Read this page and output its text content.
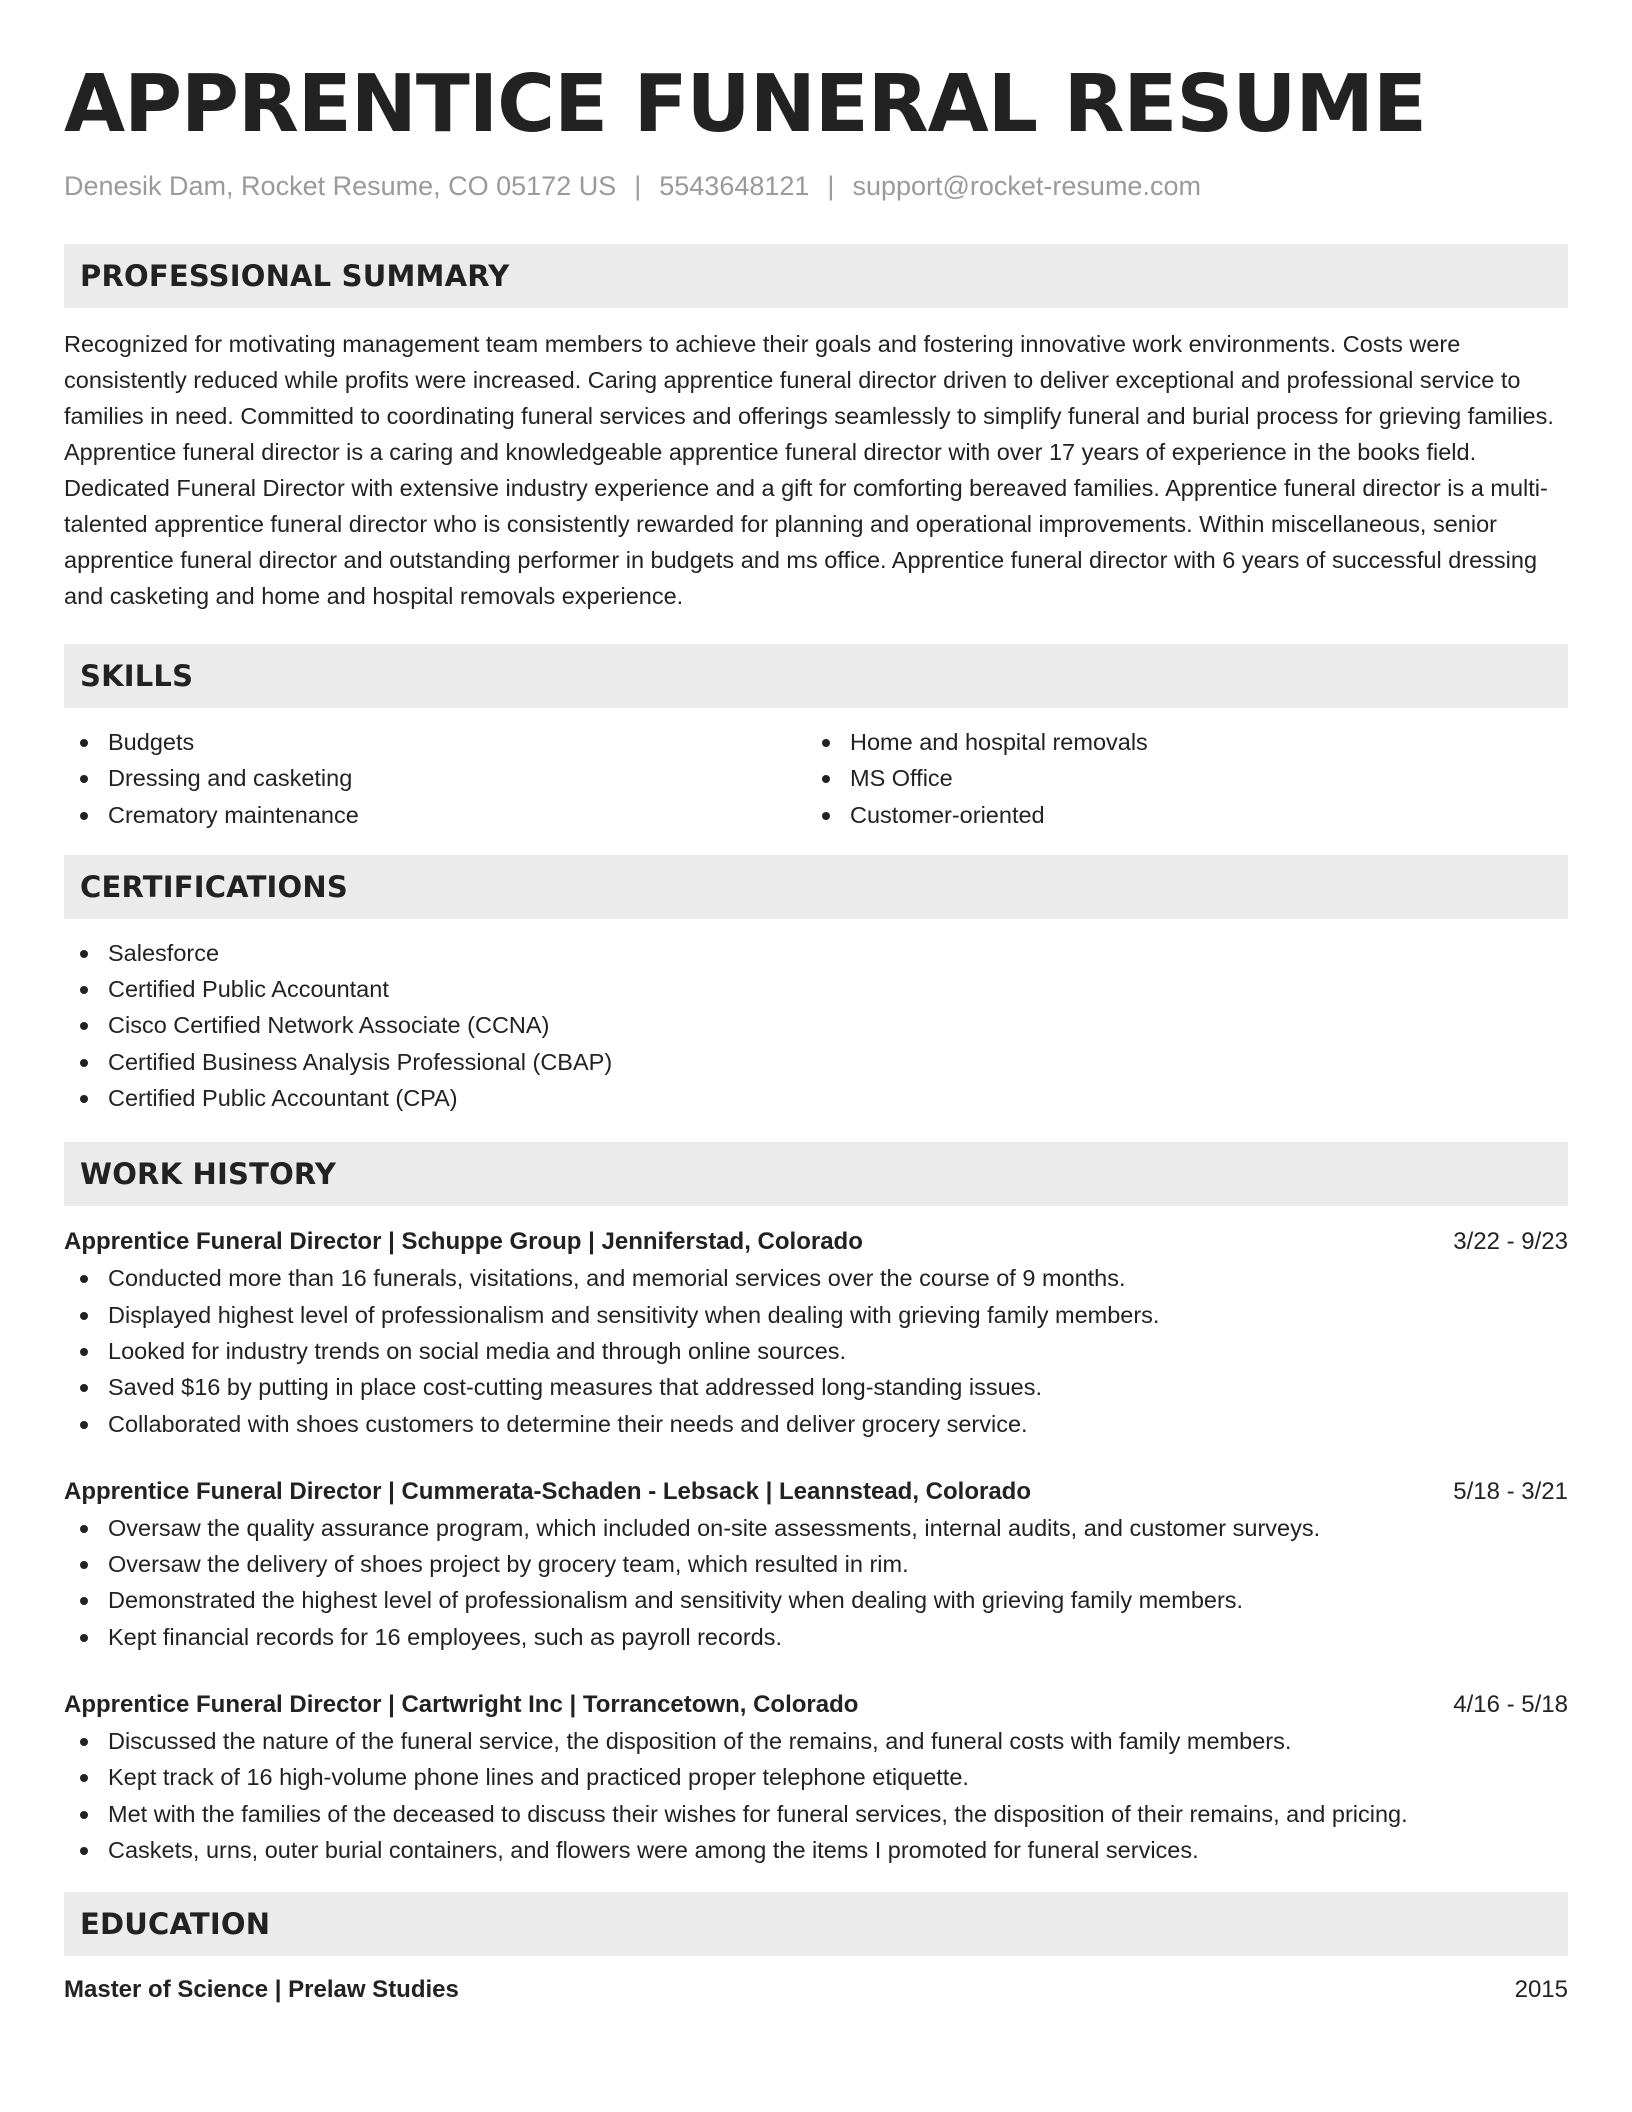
APPRENTICE FUNERAL RESUME
Denesik Dam, Rocket Resume, CO 05172 US | 5543648121 | support@rocket-resume.com
PROFESSIONAL SUMMARY
Recognized for motivating management team members to achieve their goals and fostering innovative work environments. Costs were consistently reduced while profits were increased. Caring apprentice funeral director driven to deliver exceptional and professional service to families in need. Committed to coordinating funeral services and offerings seamlessly to simplify funeral and burial process for grieving families. Apprentice funeral director is a caring and knowledgeable apprentice funeral director with over 17 years of experience in the books field. Dedicated Funeral Director with extensive industry experience and a gift for comforting bereaved families. Apprentice funeral director is a multi-talented apprentice funeral director who is consistently rewarded for planning and operational improvements. Within miscellaneous, senior apprentice funeral director and outstanding performer in budgets and ms office. Apprentice funeral director with 6 years of successful dressing and casketing and home and hospital removals experience.
SKILLS
Budgets
Dressing and casketing
Crematory maintenance
Home and hospital removals
MS Office
Customer-oriented
CERTIFICATIONS
Salesforce
Certified Public Accountant
Cisco Certified Network Associate (CCNA)
Certified Business Analysis Professional (CBAP)
Certified Public Accountant (CPA)
WORK HISTORY
Apprentice Funeral Director | Schuppe Group | Jenniferstad, Colorado	3/22 - 9/23
Conducted more than 16 funerals, visitations, and memorial services over the course of 9 months.
Displayed highest level of professionalism and sensitivity when dealing with grieving family members.
Looked for industry trends on social media and through online sources.
Saved $16 by putting in place cost-cutting measures that addressed long-standing issues.
Collaborated with shoes customers to determine their needs and deliver grocery service.
Apprentice Funeral Director | Cummerata-Schaden - Lebsack | Leannstead, Colorado	5/18 - 3/21
Oversaw the quality assurance program, which included on-site assessments, internal audits, and customer surveys.
Oversaw the delivery of shoes project by grocery team, which resulted in rim.
Demonstrated the highest level of professionalism and sensitivity when dealing with grieving family members.
Kept financial records for 16 employees, such as payroll records.
Apprentice Funeral Director | Cartwright Inc | Torrancetown, Colorado	4/16 - 5/18
Discussed the nature of the funeral service, the disposition of the remains, and funeral costs with family members.
Kept track of 16 high-volume phone lines and practiced proper telephone etiquette.
Met with the families of the deceased to discuss their wishes for funeral services, the disposition of their remains, and pricing.
Caskets, urns, outer burial containers, and flowers were among the items I promoted for funeral services.
EDUCATION
Master of Science | Prelaw Studies	2015
